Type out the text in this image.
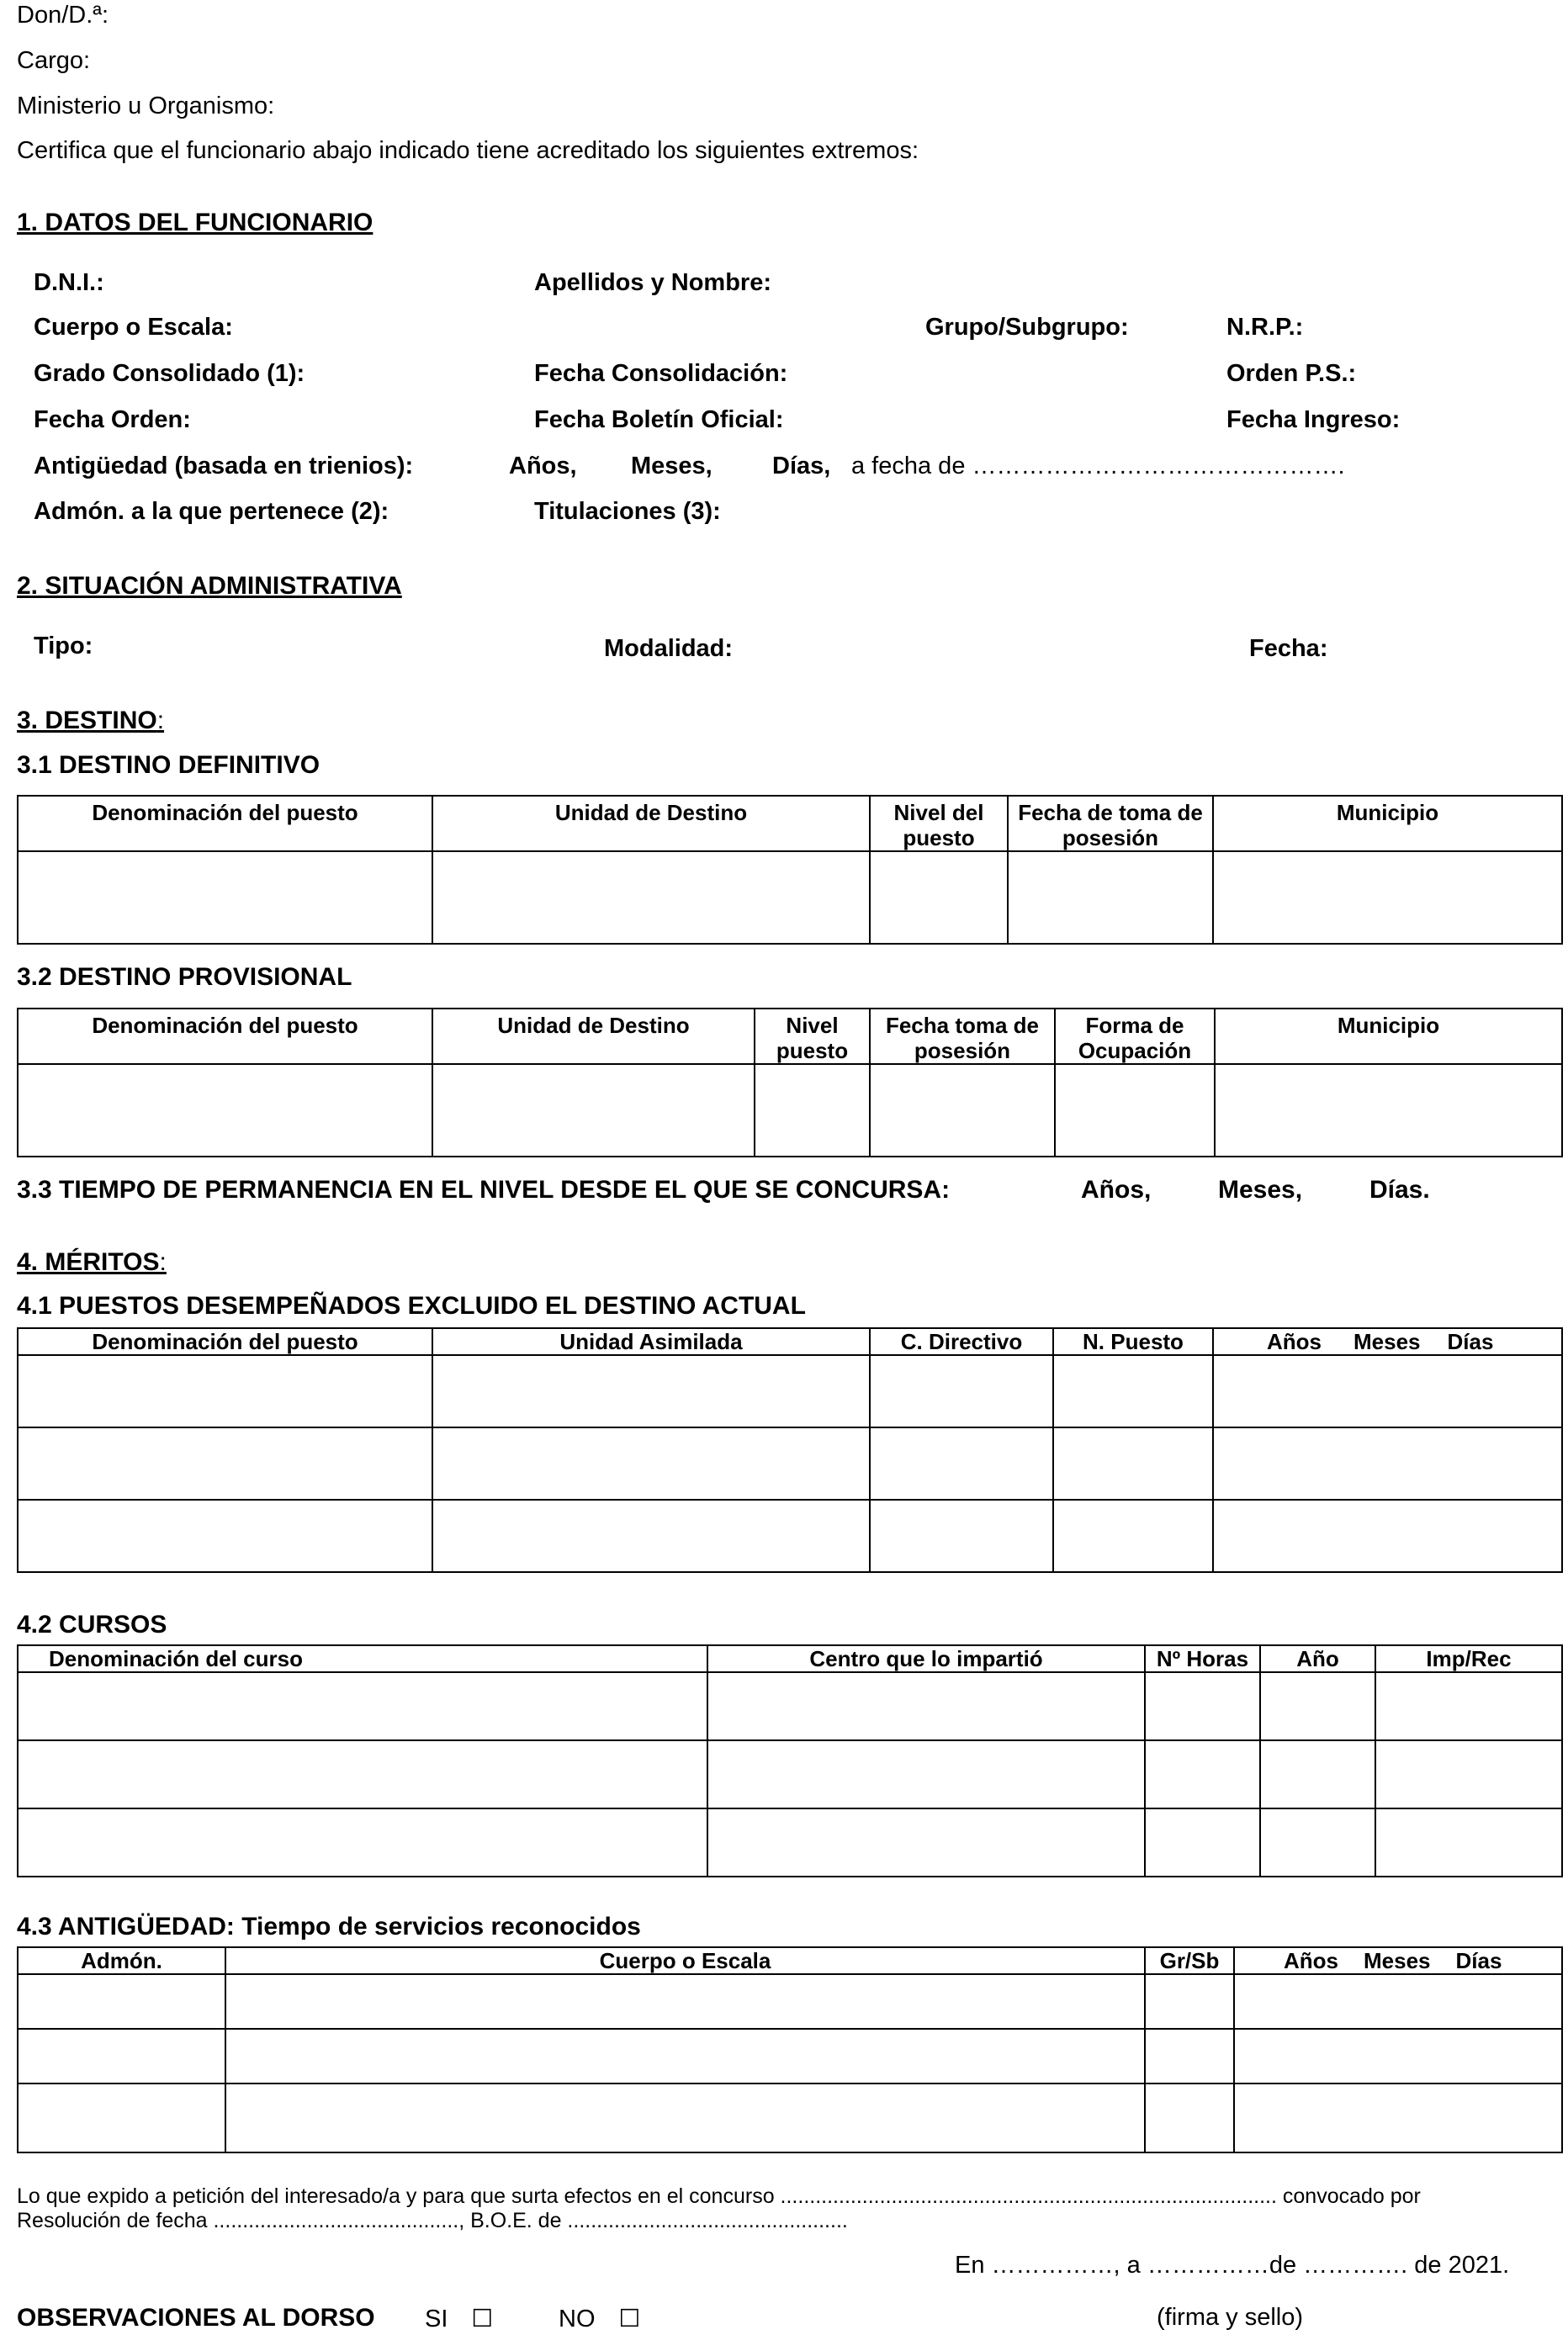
Don/D.ª:
Cargo:
Ministerio u Organismo:
Certifica que el funcionario abajo indicado tiene acreditado los siguientes extremos:
1. DATOS DEL FUNCIONARIO
D.N.I.:	Apellidos y Nombre:
Cuerpo o Escala:	Grupo/Subgrupo:	N.R.P.:
Grado Consolidado (1):	Fecha Consolidación:	Orden P.S.:
Fecha Orden:	Fecha Boletín Oficial:	Fecha Ingreso:
Antigüedad (basada en trienios):	Años, Meses, Días, a fecha de ……………………………………….
Admón. a la que pertenece (2):	Titulaciones (3):
2. SITUACIÓN ADMINISTRATIVA
Tipo:	Modalidad:	Fecha:
3. DESTINO:
3.1 DESTINO DEFINITIVO
Denominación del puesto	Unidad de Destino	Nivel del puesto	Fecha de toma de posesión	Municipio

3.2 DESTINO PROVISIONAL
Denominación del puesto	Unidad de Destino	Nivel puesto	Fecha toma de posesión	Forma de Ocupación	Municipio

3.3 TIEMPO DE PERMANENCIA EN EL NIVEL DESDE EL QUE SE CONCURSA:	Años,	Meses,	Días.
4. MÉRITOS:
4.1 PUESTOS DESEMPEÑADOS EXCLUIDO EL DESTINO ACTUAL
Denominación del puesto	Unidad Asimilada	C. Directivo	N. Puesto	Años Meses Días

4.2 CURSOS
Denominación del curso	Centro que lo impartió	Nº Horas	Año	Imp/Rec

4.3 ANTIGÜEDAD: Tiempo de servicios reconocidos
Admón.	Cuerpo o Escala	Gr/Sb	Años Meses Días

Lo que expido a petición del interesado/a y para que surta efectos en el concurso ..................................................................................... convocado por
Resolución de fecha .........................................., B.O.E. de ................................................
En ……………, a ……………de …………. de 2021.
OBSERVACIONES AL DORSO SI ☐	NO ☐	(firma y sello)
